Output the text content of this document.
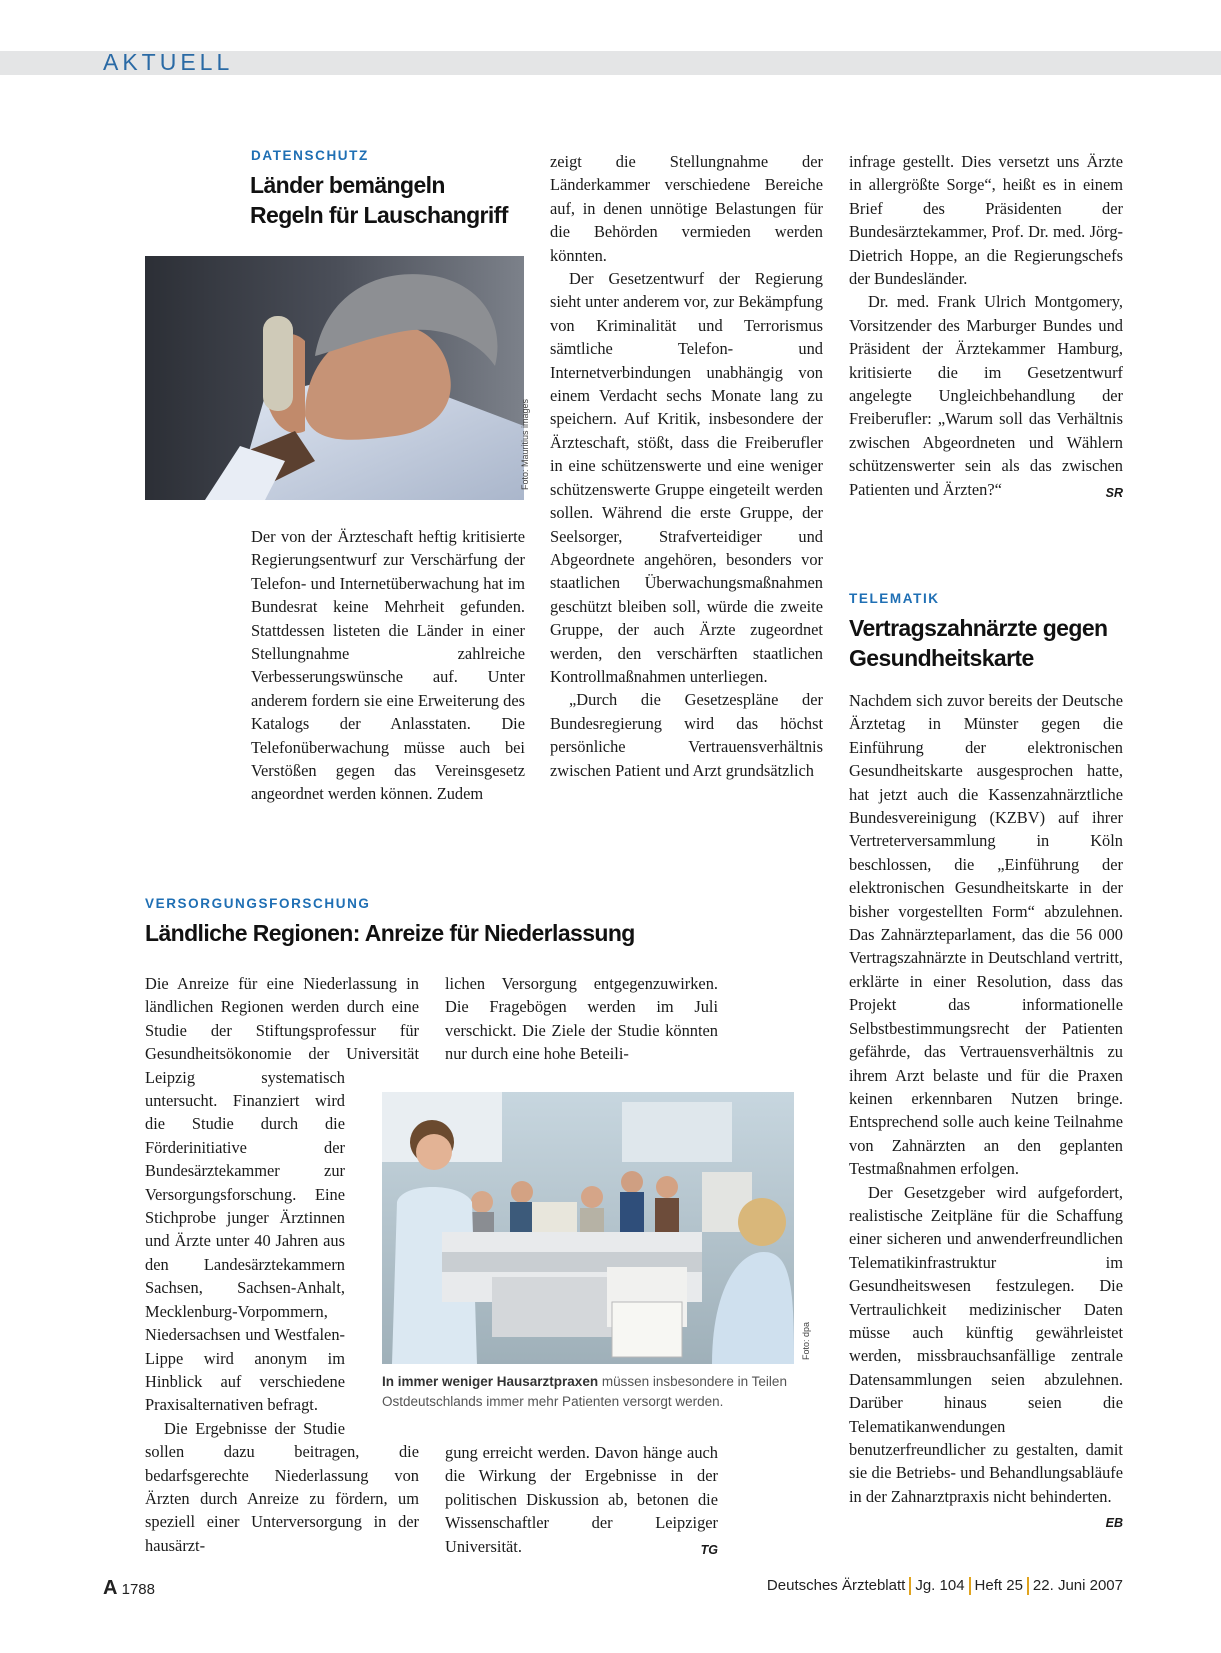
AKTUELL
DATENSCHUTZ
Länder bemängeln
Regeln für Lauschangriff
Foto: Mauritius images

Der von der Ärzteschaft heftig kritisierte Regierungsentwurf zur Verschärfung der Telefon- und Internetüberwachung hat im Bundesrat keine Mehrheit gefunden. Stattdessen listeten die Länder in einer Stellungnahme zahlreiche Verbesserungswünsche auf. Unter anderem fordern sie eine Erweiterung des Katalogs der Anlasstaten. Die Telefonüberwachung müsse auch bei Verstößen gegen das Vereinsgesetz angeordnet werden können. Zudem

zeigt die Stellungnahme der Länderkammer verschiedene Bereiche auf, in denen unnötige Belastungen für die Behörden vermieden werden könnten.

Der Gesetzentwurf der Regierung sieht unter anderem vor, zur Bekämpfung von Kriminalität und Terrorismus sämtliche Telefon- und Internetverbindungen unabhängig von einem Verdacht sechs Monate lang zu speichern. Auf Kritik, insbesondere der Ärzteschaft, stößt, dass die Freiberufler in eine schützenswerte und eine weniger schützenswerte Gruppe eingeteilt werden sollen. Während die erste Gruppe, der Seelsorger, Strafverteidiger und Abgeordnete angehören, besonders vor staatlichen Überwachungsmaßnahmen geschützt bleiben soll, würde die zweite Gruppe, der auch Ärzte zugeordnet werden, den verschärften staatlichen Kontrollmaßnahmen unterliegen.

„Durch die Gesetzespläne der Bundesregierung wird das höchst persönliche Vertrauensverhältnis zwischen Patient und Arzt grundsätzlich

infrage gestellt. Dies versetzt uns Ärzte in allergrößte Sorge“, heißt es in einem Brief des Präsidenten der Bundesärztekammer, Prof. Dr. med. Jörg-Dietrich Hoppe, an die Regierungschefs der Bundesländer.

Dr. med. Frank Ulrich Montgomery, Vorsitzender des Marburger Bundes und Präsident der Ärztekammer Hamburg, kritisierte die im Gesetzentwurf angelegte Ungleichbehandlung der Freiberufler: „Warum soll das Verhältnis zwischen Abgeordneten und Wählern schützenswerter sein als das zwischen Patienten und Ärzten?“	SR

VERSORGUNGSFORSCHUNG
Ländliche Regionen: Anreize für Niederlassung

Die Anreize für eine Niederlassung in ländlichen Regionen werden durch eine Studie der Stiftungsprofessur für Gesundheitsökonomie der Universität Leipzig systematisch untersucht. Finanziert wird die Studie durch die Förderinitiative der Bundesärztekammer zur Versorgungsforschung. Eine Stichprobe junger Ärztinnen und Ärzte unter 40 Jahren aus den Landesärztekammern Sachsen, Sachsen-Anhalt, Mecklenburg-Vorpommern, Niedersachsen und Westfalen-Lippe wird anonym im Hinblick auf verschiedene Praxisalternativen befragt.

Die Ergebnisse der Studie sollen dazu beitragen, die bedarfsgerechte Niederlassung von Ärzten durch Anreize zu fördern, um speziell einer Unterversorgung in der hausärzt-

lichen Versorgung entgegenzuwirken. Die Fragebögen werden im Juli verschickt. Die Ziele der Studie könnten nur durch eine hohe Beteili-

Foto: dpa
In immer weniger Hausarztpraxen müssen insbesondere in Teilen Ostdeutschlands immer mehr Patienten versorgt werden.

gung erreicht werden. Davon hänge auch die Wirkung der Ergebnisse in der politischen Diskussion ab, betonen die Wissenschaftler der Leipziger Universität.	TG

TELEMATIK
Vertragszahnärzte gegen
Gesundheitskarte

Nachdem sich zuvor bereits der Deutsche Ärztetag in Münster gegen die Einführung der elektronischen Gesundheitskarte ausgesprochen hatte, hat jetzt auch die Kassenzahnärztliche Bundesvereinigung (KZBV) auf ihrer Vertreterversammlung in Köln beschlossen, die „Einführung der elektronischen Gesundheitskarte in der bisher vorgestellten Form“ abzulehnen. Das Zahnärzteparlament, das die 56 000 Vertragszahnärzte in Deutschland vertritt, erklärte in einer Resolution, dass das Projekt das informationelle Selbstbestimmungsrecht der Patienten gefährde, das Vertrauensverhältnis zu ihrem Arzt belaste und für die Praxen keinen erkennbaren Nutzen bringe. Entsprechend solle auch keine Teilnahme von Zahnärzten an den geplanten Testmaßnahmen erfolgen.

Der Gesetzgeber wird aufgefordert, realistische Zeitpläne für die Schaffung einer sicheren und anwenderfreundlichen Telematikinfrastruktur im Gesundheitswesen festzulegen. Die Vertraulichkeit medizinischer Daten müsse auch künftig gewährleistet werden, missbrauchsanfällige zentrale Datensammlungen seien abzulehnen. Darüber hinaus seien die Telematikanwendungen benutzerfreundlicher zu gestalten, damit sie die Betriebs- und Behandlungsabläufe in der Zahnarztpraxis nicht behinderten.
EB

A 1788	Deutsches Ärzteblatt Jg. 104 Heft 25 22. Juni 2007
